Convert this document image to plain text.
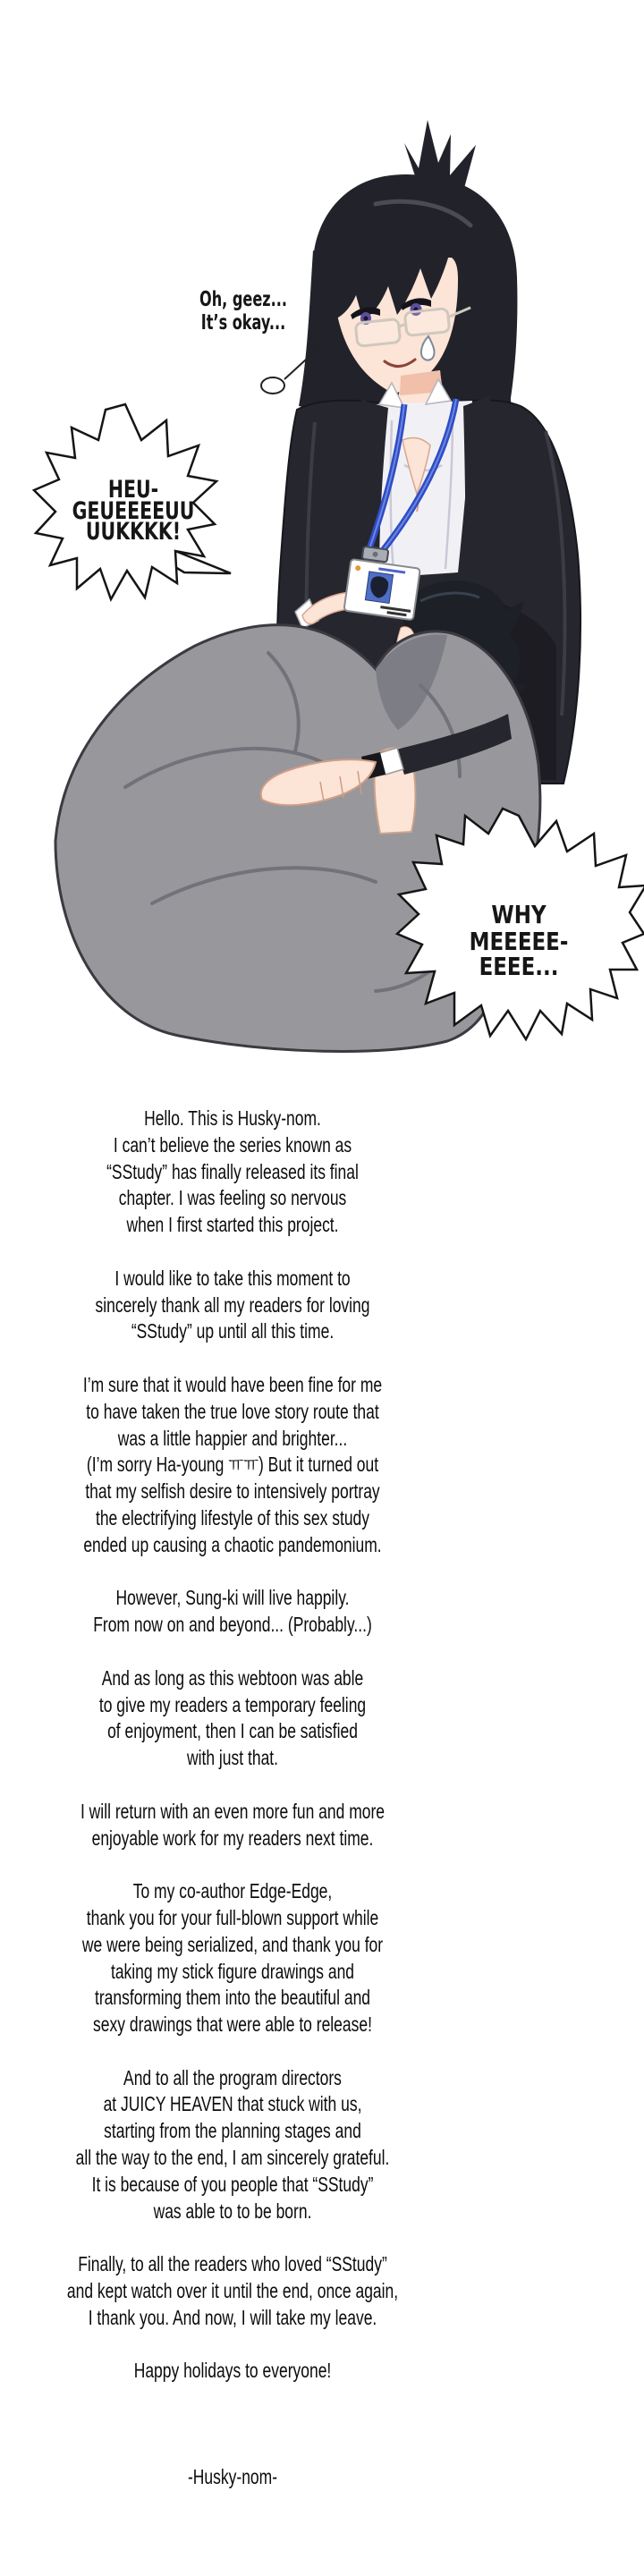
HEU-
GEUEEEEUU
UUKKKK!
WHY
MEEEEE-
EEEE...
Oh, geez...
It’s okay...

Hello. This is Husky-nom.
I can’t believe the series known as
“SStudy” has finally released its final
chapter. I was feeling so nervous
when I first started this project.

I would like to take this moment to
sincerely thank all my readers for loving
“SStudy” up until all this time.

I’m sure that it would have been fine for me
to have taken the true love story route that
was a little happier and brighter...
(I’m sorry Ha-young ㅠㅠ) But it turned out
that my selfish desire to intensively portray
the electrifying lifestyle of this sex study
ended up causing a chaotic pandemonium.

However, Sung-ki will live happily.
From now on and beyond... (Probably...)

And as long as this webtoon was able
to give my readers a temporary feeling
of enjoyment, then I can be satisfied
with just that.

I will return with an even more fun and more
enjoyable work for my readers next time.

To my co-author Edge-Edge,
thank you for your full-blown support while
we were being serialized, and thank you for
taking my stick figure drawings and
transforming them into the beautiful and
sexy drawings that were able to release!

And to all the program directors
at JUICY HEAVEN that stuck with us,
starting from the planning stages and
all the way to the end, I am sincerely grateful.
It is because of you people that “SStudy”
was able to to be born.

Finally, to all the readers who loved “SStudy”
and kept watch over it until the end, once again,
I thank you. And now, I will take my leave.

Happy holidays to everyone!

-Husky-nom-
